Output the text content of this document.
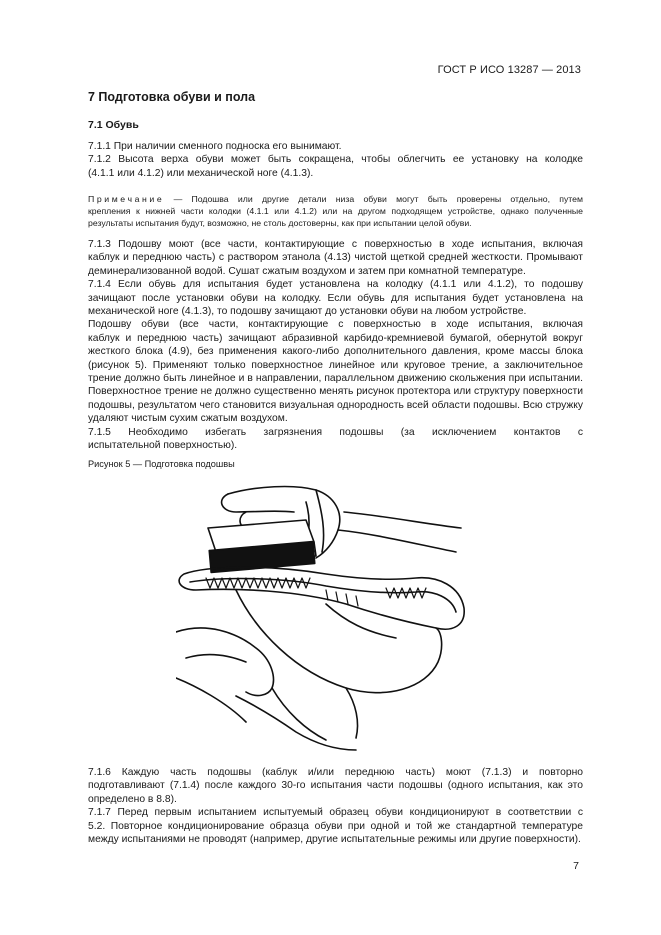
ГОСТ Р ИСО 13287 — 2013
7 Подготовка обуви и пола
7.1 Обувь

7.1.1 При наличии сменного подноска его вынимают.

7.1.2 Высота верха обуви может быть сокращена, чтобы облегчить ее установку на колодке

(4.1.1 или 4.1.2) или механической ноге (4.1.3).

Примечание — Подошва или другие детали низа обуви могут быть проверены отдельно, путем
крепления к нижней части колодки (4.1.1 или 4.1.2) или на другом подходящем устройстве, однако полученные
результаты испытания будут, возможно, не столь достоверны, как при испытании целой обуви.

7.1.3 Подошву моют (все части, контактирующие с поверхностью в ходе испытания, включая

каблук и переднюю часть) с раствором этанола (4.13) чистой щеткой средней жесткости. Промывают

деминерализованной водой. Сушат сжатым воздухом и затем при комнатной температуре.

7.1.4 Если обувь для испытания будет установлена на колодку (4.1.1 или 4.1.2), то подошву

зачищают после установки обуви на колодку. Если обувь для испытания будет установлена на

механической ноге (4.1.3), то подошву зачищают до установки обуви на любом устройстве.

Подошву обуви (все части, контактирующие с поверхностью в ходе испытания, включая

каблук и переднюю часть) зачищают абразивной карбидо-кремниевой бумагой, обернутой вокруг

жесткого блока (4.9), без применения какого-либо дополнительного давления, кроме массы блока

(рисунок 5). Применяют только поверхностное линейное или круговое трение, а заключительное

трение должно быть линейное и в направлении, параллельном движению скольжения при испытании.

Поверхностное трение не должно существенно менять рисунок протектора или структуру поверхности

подошвы, результатом чего становится визуальная однородность всей области подошвы. Всю стружку

удаляют чистым сухим сжатым воздухом.

7.1.5 Необходимо избегать загрязнения подошвы (за исключением контактов с

испытательной поверхностью).

Рисунок 5 — Подготовка подошвы

7.1.6 Каждую часть подошвы (каблук и/или переднюю часть) моют (7.1.3) и повторно

подготавливают (7.1.4) после каждого 30-го испытания части подошвы (одного испытания, как это

определено в 8.8).

7.1.7 Перед первым испытанием испытуемый образец обуви кондиционируют в соответствии с

5.2. Повторное кондиционирование образца обуви при одной и той же стандартной температуре

между испытаниями не проводят (например, другие испытательные режимы или другие поверхности).

7
